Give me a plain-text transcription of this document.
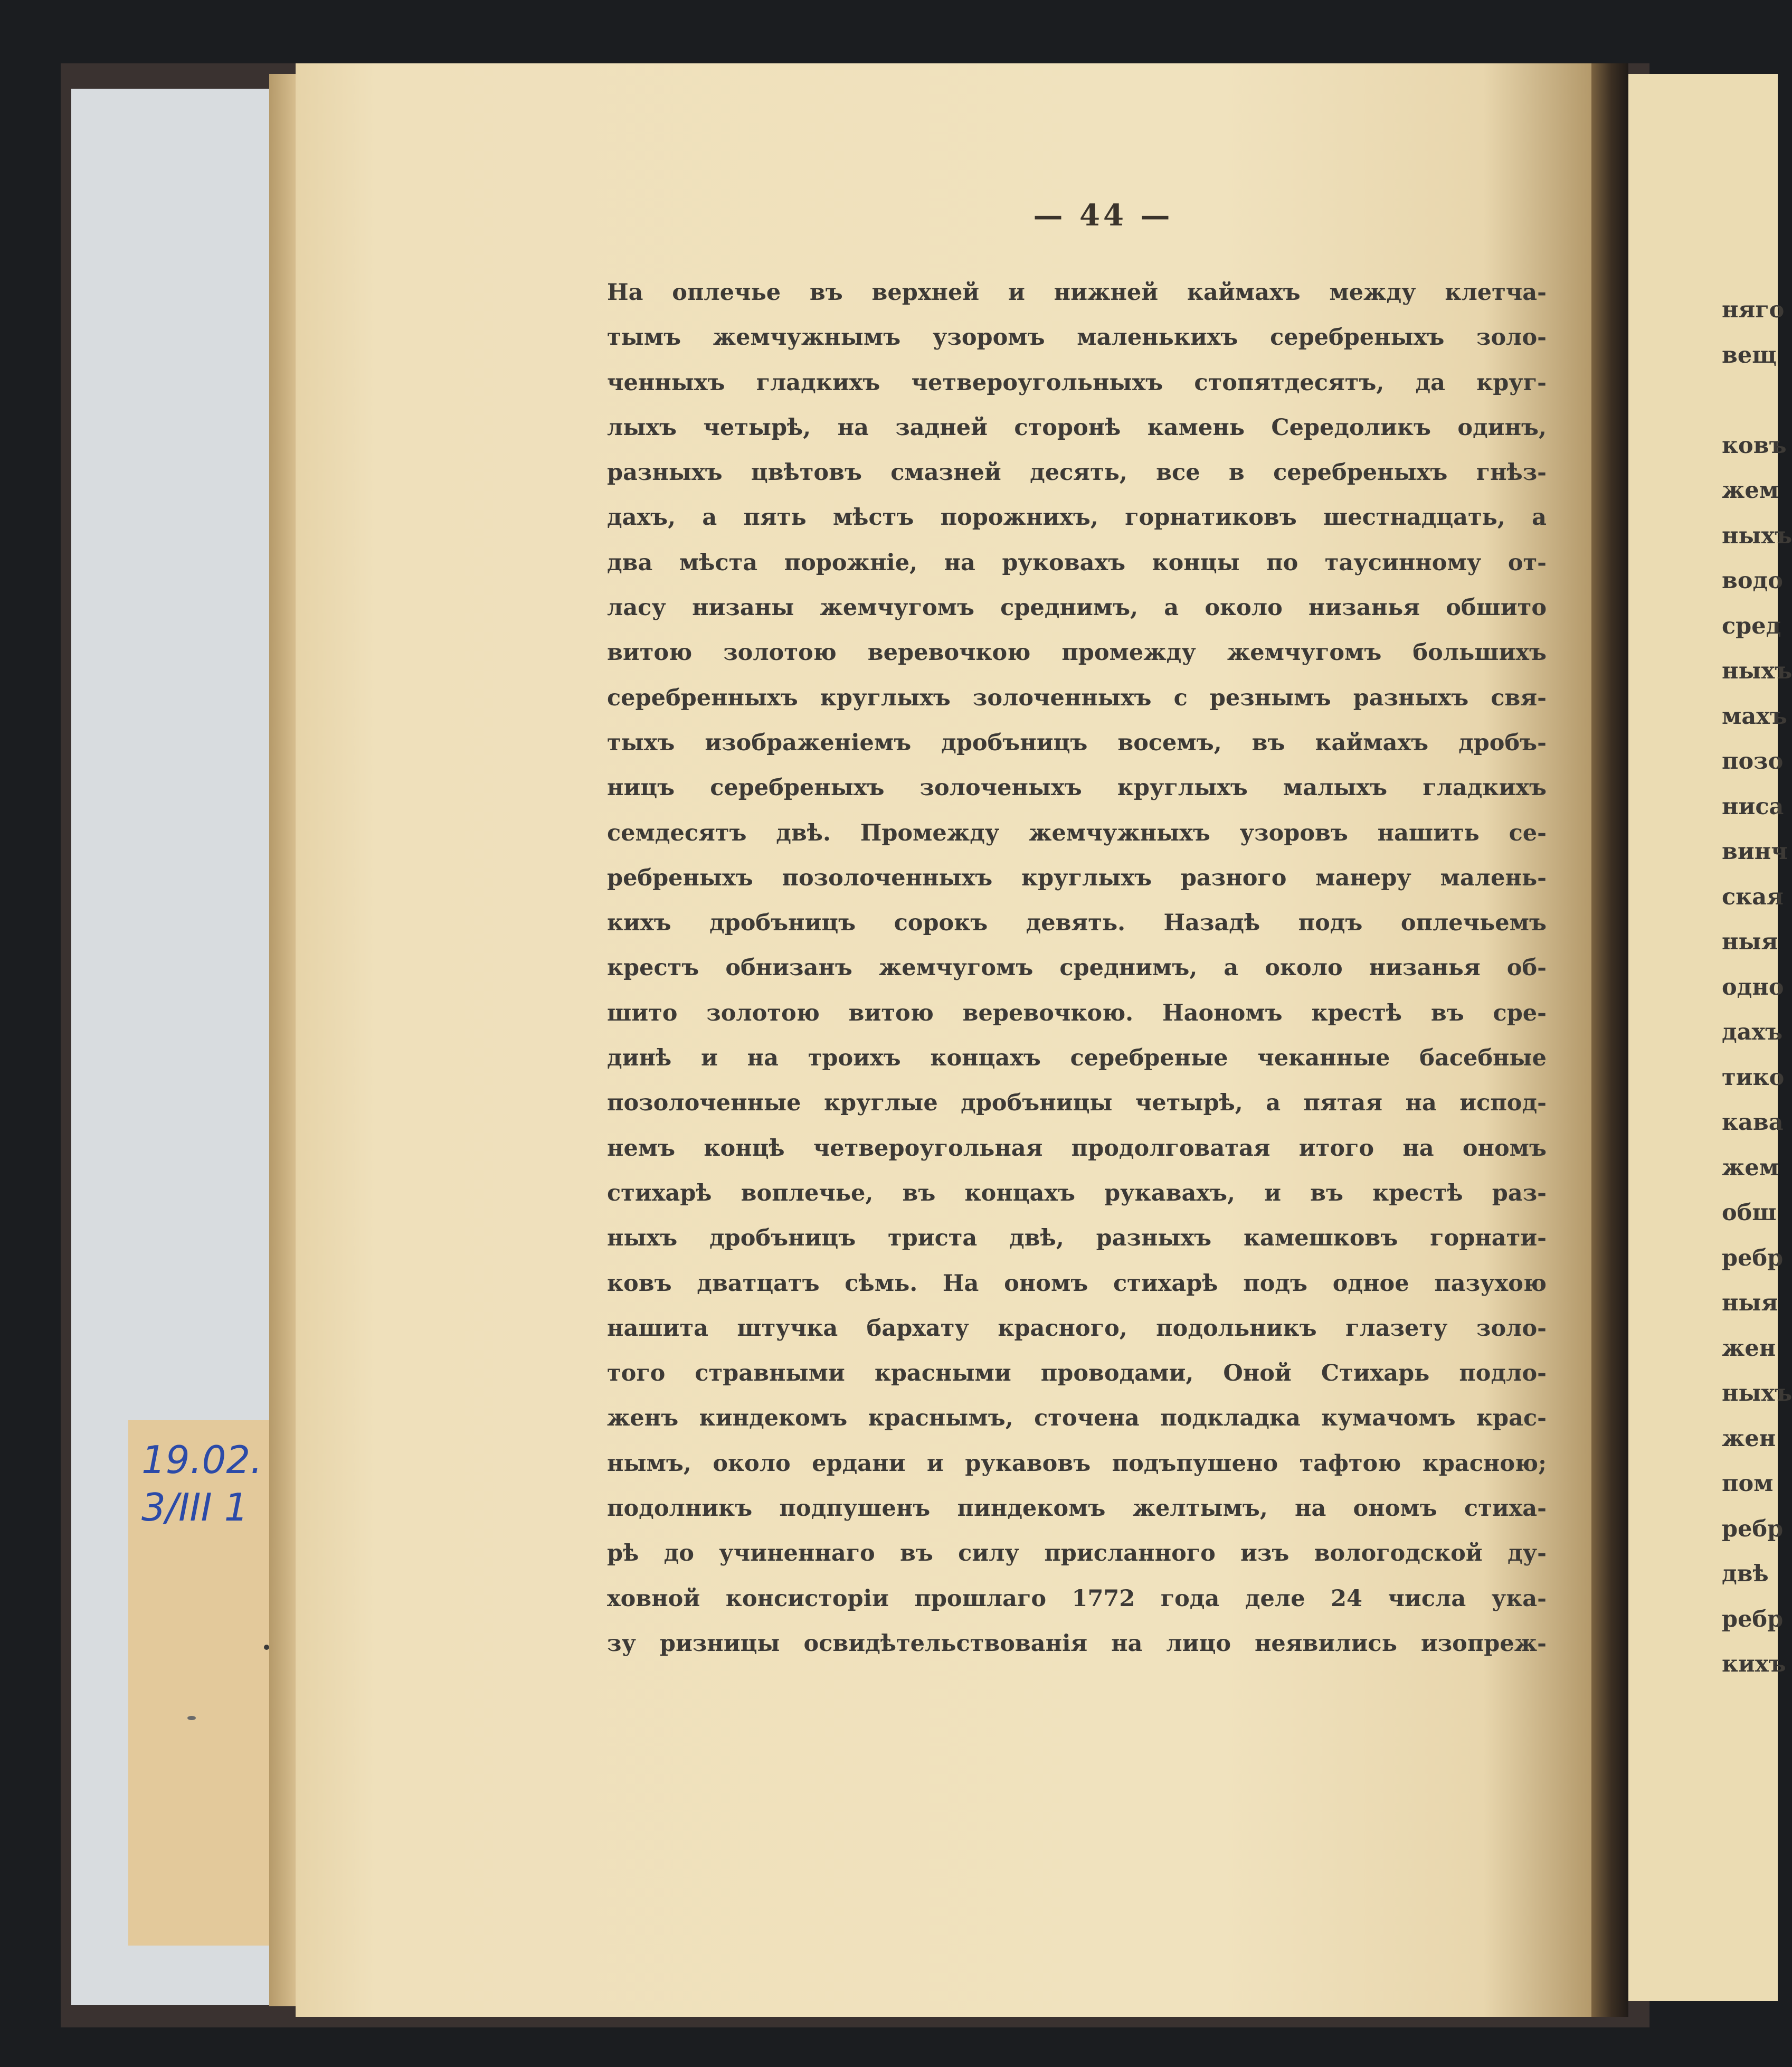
19.02.
3/III 1
— 44 —
На оплечье въ верхней и нижней каймахъ между клетча-
тымъ жемчужнымъ узоромъ маленькихъ серебреныхъ золо-
ченныхъ гладкихъ четвероугольныхъ стопятдесятъ, да круг-
лыхъ четырѣ, на задней сторонѣ камень Середоликъ одинъ,
разныхъ цвѣтовъ смазней десять, все в серебреныхъ гнѣз-
дахъ, а пять мѣстъ порожнихъ, горнатиковъ шестнадцать, а
два мѣста порожніе, на руковахъ концы по таусинному от-
ласу низаны жемчугомъ среднимъ, а около низанья обшито
витою золотою веревочкою промежду жемчугомъ большихъ
серебренныхъ круглыхъ золоченныхъ с резнымъ разныхъ свя-
тыхъ изображеніемъ дробъницъ восемъ, въ каймахъ дробъ-
ницъ серебреныхъ золоченыхъ круглыхъ малыхъ гладкихъ
семдесятъ двѣ. Промежду жемчужныхъ узоровъ нашить се-
ребреныхъ позолоченныхъ круглыхъ разного манеру малень-
кихъ дробъницъ сорокъ девять. Назадѣ подъ оплечьемъ
крестъ обнизанъ жемчугомъ среднимъ, а около низанья об-
шито золотою витою веревочкою. Наономъ крестѣ въ сре-
динѣ и на троихъ концахъ серебреные чеканные басебные
позолоченные круглые дробъницы четырѣ, а пятая на испод-
немъ концѣ четвероугольная продолговатая итого на ономъ
стихарѣ воплечье, въ концахъ рукавахъ, и въ крестѣ раз-
ныхъ дробъницъ триста двѣ, разныхъ камешковъ горнати-
ковъ дватцатъ сѣмь. На ономъ стихарѣ подъ одное пазухою
нашита штучка бархату красного, подольникъ глазету золо-
того стравными красными проводами, Оной Стихарь подло-
женъ киндекомъ краснымъ, сточена подкладка кумачомъ крас-
нымъ, около ердани и рукавовъ подъпушено тафтою красною;
подолникъ подпушенъ пиндекомъ желтымъ, на ономъ стиха-
рѣ до учиненнаго въ силу присланного изъ вологодской ду-
ховной консисторіи прошлаго 1772 года деле 24 числа ука-
зу ризницы освидѣтельствованія на лицо неявились изопреж-
няго
вещ
ковъ
жем
ныхъ
водо
сред
ныхъ
махъ
позо
ниса
винч
ская
ныя
одно
дахъ
тико
кава
жем
обш
ребр
ныя
жен
ныхъ
жен
пом
ребр
двѣ
ребр
кихъ
